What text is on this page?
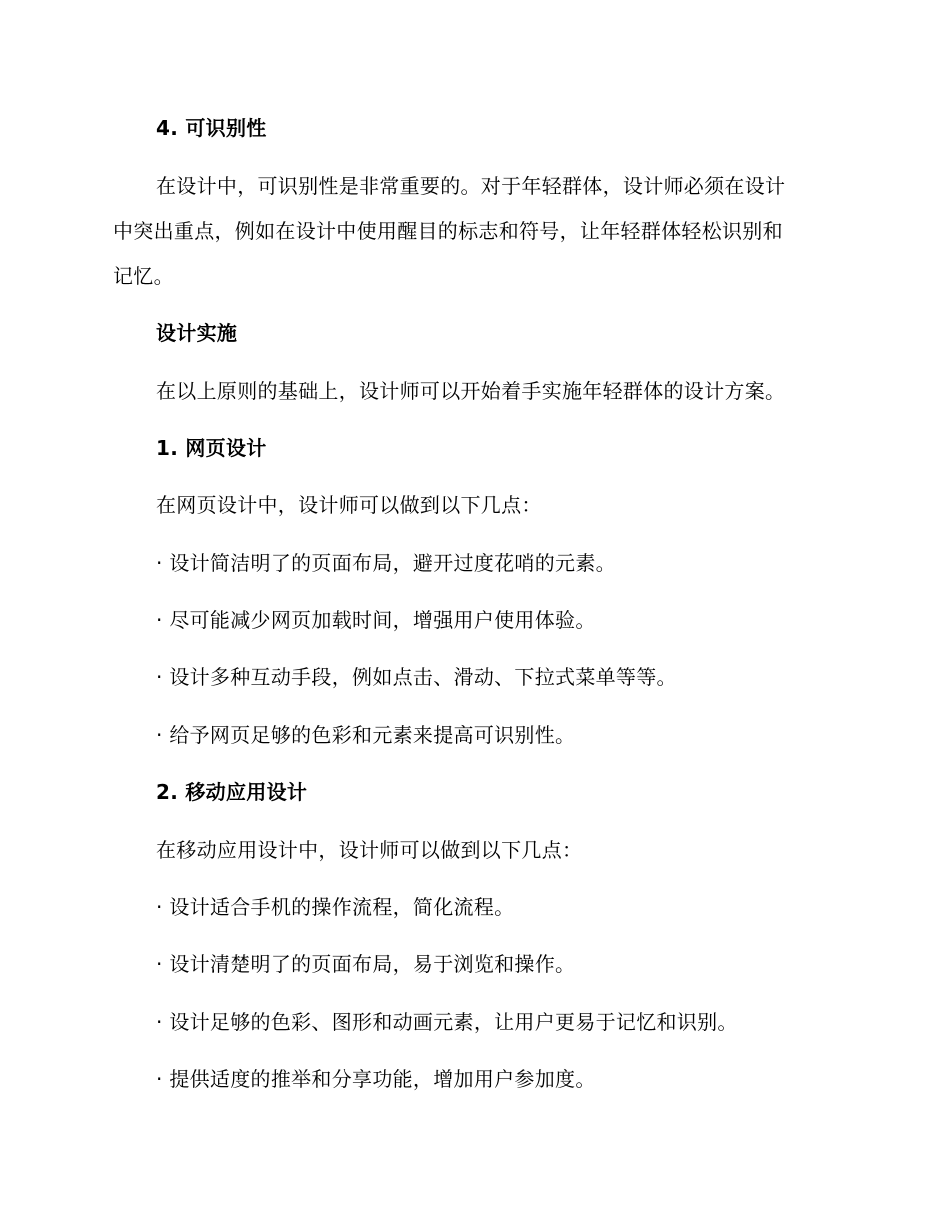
4. 可识别性
在设计中，可识别性是非常重要的。对于年轻群体，设计师必须在设计
中突出重点，例如在设计中使用醒目的标志和符号，让年轻群体轻松识别和
记忆。
设计实施
在以上原则的基础上，设计师可以开始着手实施年轻群体的设计方案。
1. 网页设计
在网页设计中，设计师可以做到以下几点：
· 设计简洁明了的页面布局，避开过度花哨的元素。
· 尽可能减少网页加载时间，增强用户使用体验。
· 设计多种互动手段，例如点击、滑动、下拉式菜单等等。
· 给予网页足够的色彩和元素来提高可识别性。
2. 移动应用设计
在移动应用设计中，设计师可以做到以下几点：
· 设计适合手机的操作流程，简化流程。
· 设计清楚明了的页面布局，易于浏览和操作。
· 设计足够的色彩、图形和动画元素，让用户更易于记忆和识别。
· 提供适度的推举和分享功能，增加用户参加度。
